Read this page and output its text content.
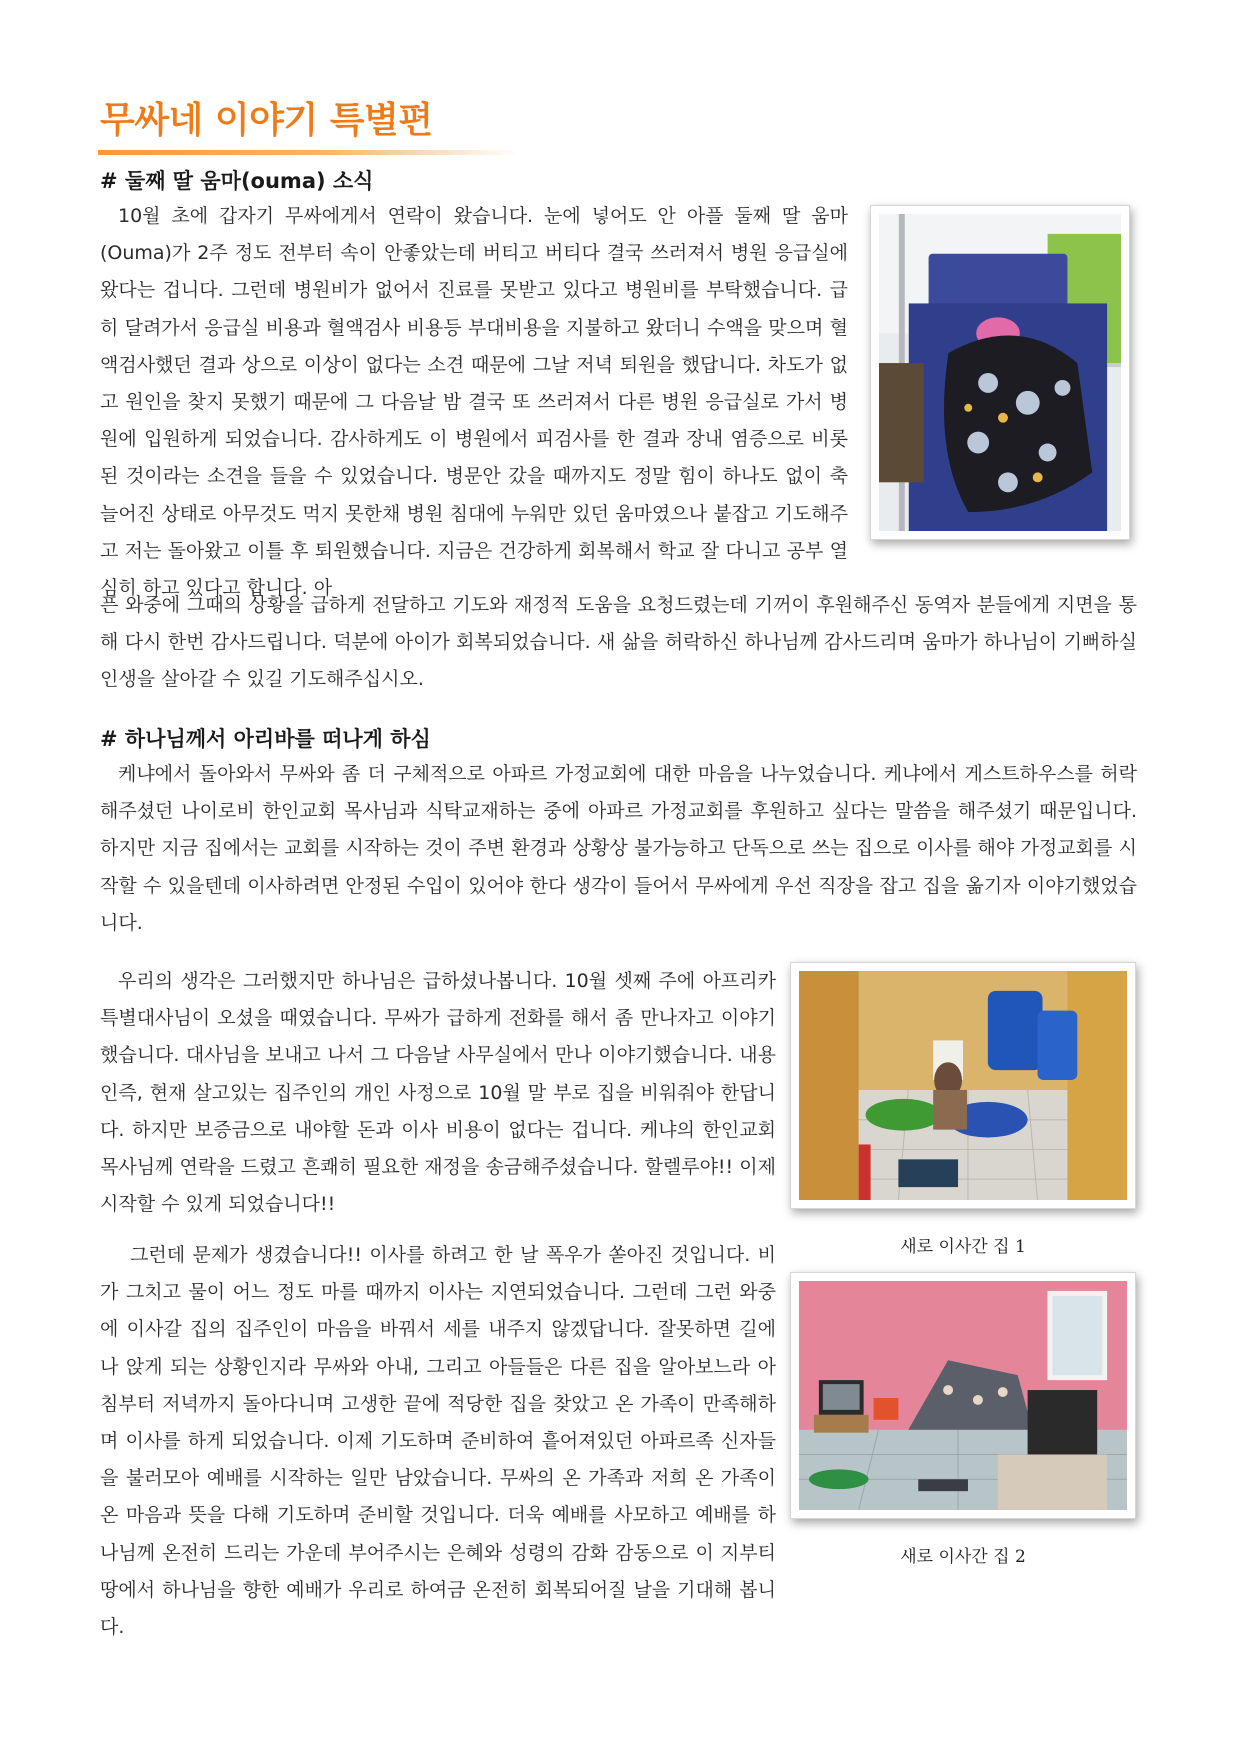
무싸네 이야기 특별편
# 둘째 딸 움마(ouma) 소식

10월 초에 갑자기 무싸에게서 연락이 왔습니다. 눈에 넣어도 안 아플 둘째 딸 움마(Ouma)가 2주 정도 전부터 속이 안좋았는데 버티고 버티다 결국 쓰러져서 병원 응급실에 왔다는 겁니다. 그런데 병원비가 없어서 진료를 못받고 있다고 병원비를 부탁했습니다. 급히 달려가서 응급실 비용과 혈액검사 비용등 부대비용을 지불하고 왔더니 수액을 맞으며 혈액검사했던 결과 상으로 이상이 없다는 소견 때문에 그날 저녁 퇴원을 했답니다. 차도가 없고 원인을 찾지 못했기 때문에 그 다음날 밤 결국 또 쓰러져서 다른 병원 응급실로 가서 병원에 입원하게 되었습니다. 감사하게도 이 병원에서 피검사를 한 결과 장내 염증으로 비롯된 것이라는 소견을 들을 수 있었습니다. 병문안 갔을 때까지도 정말 힘이 하나도 없이 축 늘어진 상태로 아무것도 먹지 못한채 병원 침대에 누워만 있던 움마였으나 붙잡고 기도해주고 저는 돌아왔고 이틀 후 퇴원했습니다. 지금은 건강하게 회복해서 학교 잘 다니고 공부 열심히 하고 있다고 합니다. 아

픈 와중에 그때의 상황을 급하게 전달하고 기도와 재정적 도움을 요청드렸는데 기꺼이 후원해주신 동역자 분들에게 지면을 통해 다시 한번 감사드립니다. 덕분에 아이가 회복되었습니다. 새 삶을 허락하신 하나님께 감사드리며 움마가 하나님이 기뻐하실 인생을 살아갈 수 있길 기도해주십시오.

# 하나님께서 아리바를 떠나게 하심

케냐에서 돌아와서 무싸와 좀 더 구체적으로 아파르 가정교회에 대한 마음을 나누었습니다. 케냐에서 게스트하우스를 허락해주셨던 나이로비 한인교회 목사님과 식탁교재하는 중에 아파르 가정교회를 후원하고 싶다는 말씀을 해주셨기 때문입니다. 하지만 지금 집에서는 교회를 시작하는 것이 주변 환경과 상황상 불가능하고 단독으로 쓰는 집으로 이사를 해야 가정교회를 시작할 수 있을텐데 이사하려면 안정된 수입이 있어야 한다 생각이 들어서 무싸에게 우선 직장을 잡고 집을 옮기자 이야기했었습니다.

우리의 생각은 그러했지만 하나님은 급하셨나봅니다. 10월 셋째 주에 아프리카 특별대사님이 오셨을 때였습니다. 무싸가 급하게 전화를 해서 좀 만나자고 이야기했습니다. 대사님을 보내고 나서 그 다음날 사무실에서 만나 이야기했습니다. 내용인즉, 현재 살고있는 집주인의 개인 사정으로 10월 말 부로 집을 비워줘야 한답니다. 하지만 보증금으로 내야할 돈과 이사 비용이 없다는 겁니다. 케냐의 한인교회 목사님께 연락을 드렸고 흔쾌히 필요한 재정을 송금해주셨습니다. 할렐루야!! 이제 시작할 수 있게 되었습니다!!

그런데 문제가 생겼습니다!! 이사를 하려고 한 날 폭우가 쏟아진 것입니다. 비가 그치고 물이 어느 정도 마를 때까지 이사는 지연되었습니다. 그런데 그런 와중에 이사갈 집의 집주인이 마음을 바꿔서 세를 내주지 않겠답니다. 잘못하면 길에 나 앉게 되는 상황인지라 무싸와 아내, 그리고 아들들은 다른 집을 알아보느라 아침부터 저녁까지 돌아다니며 고생한 끝에 적당한 집을 찾았고 온 가족이 만족해하며 이사를 하게 되었습니다. 이제 기도하며 준비하여 흩어져있던 아파르족 신자들을 불러모아 예배를 시작하는 일만 남았습니다. 무싸의 온 가족과 저희 온 가족이 온 마음과 뜻을 다해 기도하며 준비할 것입니다. 더욱 예배를 사모하고 예배를 하나님께 온전히 드리는 가운데 부어주시는 은혜와 성령의 감화 감동으로 이 지부티 땅에서 하나님을 향한 예배가 우리로 하여금 온전히 회복되어질 날을 기대해 봅니다.

새로 이사간 집 1
새로 이사간 집 2
